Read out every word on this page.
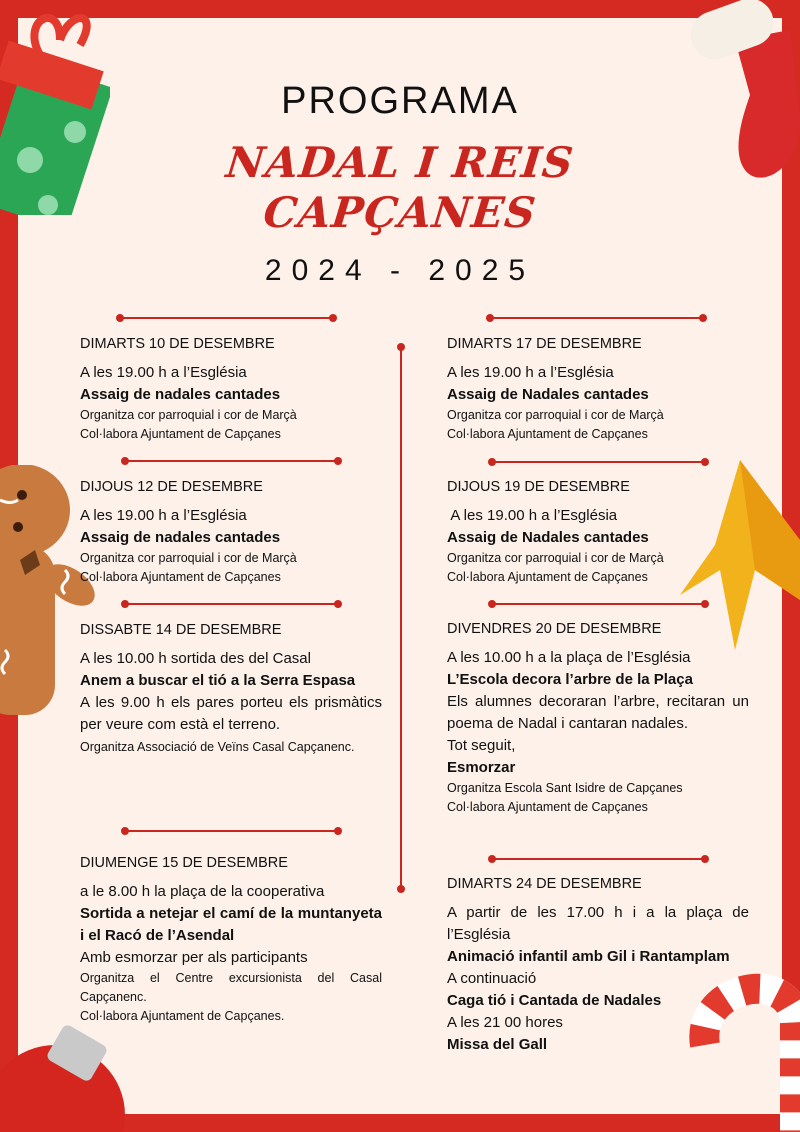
PROGRAMA
NADAL I REIS
CAPÇANES
2024 - 2025
DIMARTS 10 DE DESEMBRE
A les 19.00 h a l’Església
Assaig de nadales cantades
Organitza cor parroquial i cor de Marçà
Col·labora Ajuntament de Capçanes
DIJOUS 12 DE DESEMBRE
A les 19.00 h a l’Església
Assaig de nadales cantades
Organitza cor parroquial i cor de Marçà
Col·labora Ajuntament de Capçanes
DISSABTE 14 DE DESEMBRE
A les 10.00 h sortida des del Casal
Anem a buscar el tió a la Serra Espasa
A les 9.00 h els pares porteu els prismàtics per veure com està el terreno.
Organitza Associació de Veïns Casal Capçanenc.
DIUMENGE 15 DE DESEMBRE
a le 8.00 h la plaça de la cooperativa
Sortida a netejar el camí de la muntanyeta i el Racó de l’Asendal
Amb esmorzar per als participants
Organitza el Centre excursionista del Casal Capçanenc.
Col·labora Ajuntament de Capçanes.
DIMARTS 17 DE DESEMBRE
A les 19.00 h a l’Església
Assaig de Nadales cantades
Organitza cor parroquial i cor de Marçà
Col·labora Ajuntament de Capçanes
DIJOUS 19 DE DESEMBRE
A les 19.00 h a l’Església
Assaig de Nadales cantades
Organitza cor parroquial i cor de Marçà
Col·labora Ajuntament de Capçanes
DIVENDRES 20 DE DESEMBRE
A les 10.00 h a la plaça de l’Església
L’Escola decora l’arbre de la Plaça
Els alumnes decoraran l’arbre, recitaran un poema de Nadal i cantaran nadales.
Tot seguit,
Esmorzar
Organitza Escola Sant Isidre de Capçanes
Col·labora Ajuntament de Capçanes
DIMARTS 24 DE DESEMBRE
A partir de les 17.00 h i a la plaça de l’Església
Animació infantil amb Gil i Rantamplam
A continuació
Caga tió i Cantada de Nadales
A les 21 00 hores
Missa del Gall
